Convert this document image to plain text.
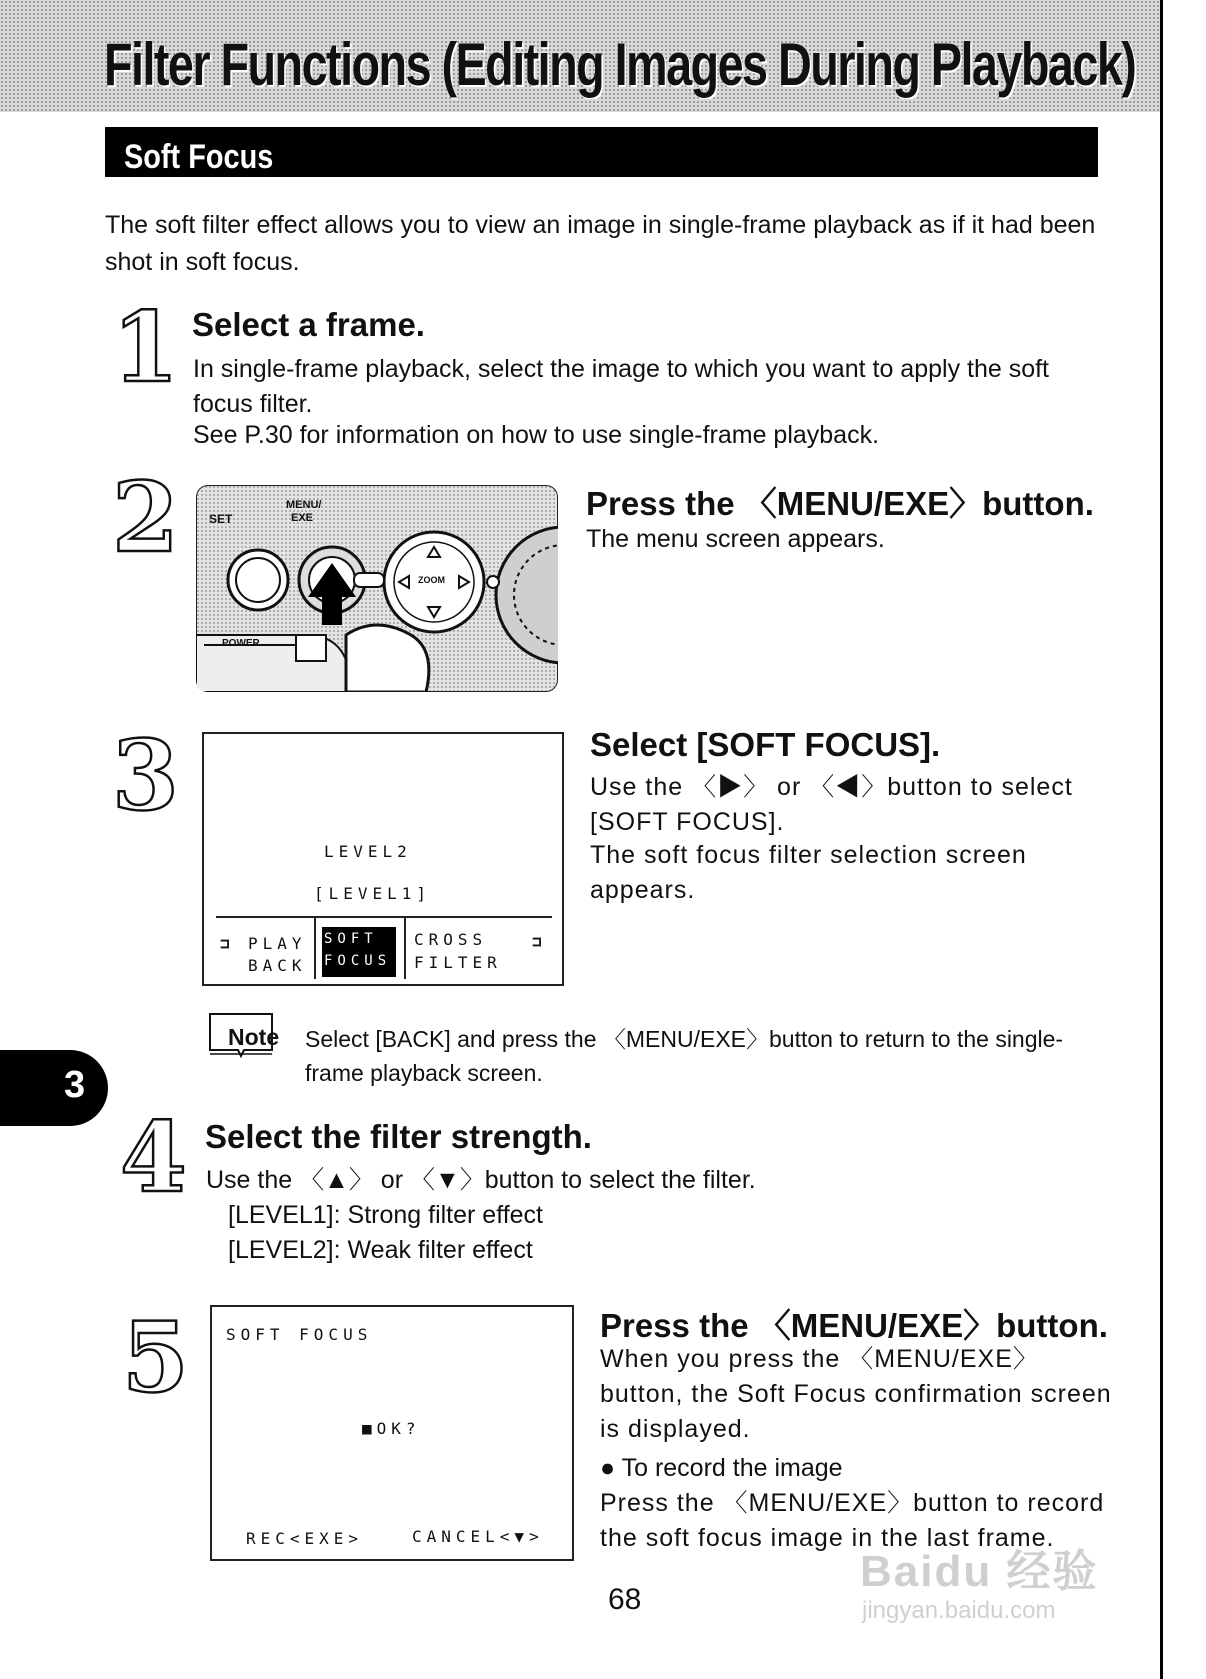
Filter Functions (Editing Images During Playback)
Soft Focus
The soft filter effect allows you to view an image in single-frame playback as if it had been shot in soft focus.
1 Select a frame.
In single-frame playback, select the image to which you want to apply the soft focus filter.
See P.30 for information on how to use single-frame playback.
2	SET
MENU/
EXE
ZOOM
POWER
Press the 〈MENU/EXE〉button.
The menu screen appears.
3
LEVEL2
[LEVEL1]
⊐ PLAY
BACK
SOFT
FOCUS
CROSS
FILTER
⊐
Select [SOFT FOCUS].
Use the 〈▶〉 or 〈◀〉button to select [SOFT FOCUS].
The soft focus filter selection screen appears.
Note Select [BACK] and press the 〈MENU/EXE〉button to return to the single-frame playback screen.
3
4 Select the filter strength.
Use the 〈▲〉 or 〈▼〉button to select the filter.
[LEVEL1]: Strong filter effect
[LEVEL2]: Weak filter effect
5 SOFT FOCUS
■OK?
REC<EXE>	CANCEL<▼>
Press the 〈MENU/EXE〉button.
When you press the 〈MENU/EXE〉button, the Soft Focus confirmation screen is displayed.
● To record the image
Press the 〈MENU/EXE〉button to record the soft focus image in the last frame.
68
Baidu 经验
jingyan.baidu.com
